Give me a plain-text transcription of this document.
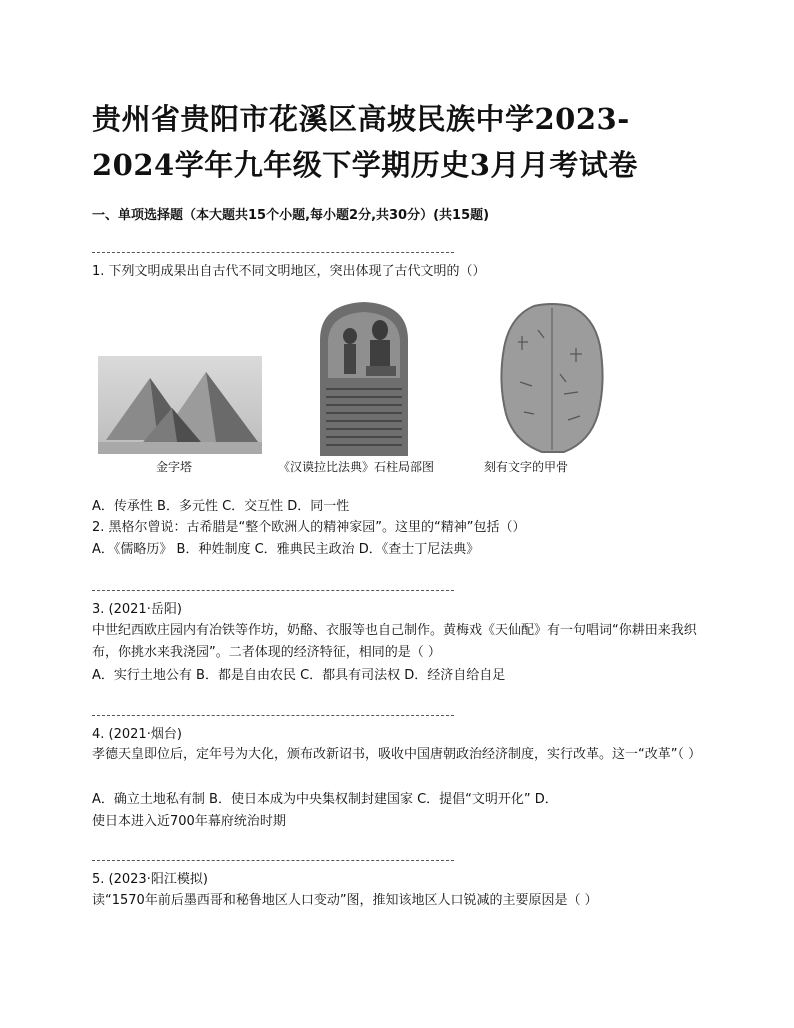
贵州省贵阳市花溪区高坡民族中学2023-2024学年九年级下学期历史3月月考试卷

一、单项选择题（本大题共15个小题,每小题2分,共30分）(共15题)

1. 下列文明成果出自古代不同文明地区，突出体现了古代文明的（）

金字塔	《汉谟拉比法典》石柱局部图	刻有文字的甲骨

A．传承性 B．多元性 C．交互性 D．同一性

2. 黑格尔曾说：古希腊是“整个欧洲人的精神家园”。这里的“精神”包括（）

A．《儒略历》 B．种姓制度 C．雅典民主政治 D．《查士丁尼法典》

3. (2021·岳阳)

中世纪西欧庄园内有冶铁等作坊，奶酪、衣服等也自己制作。黄梅戏《天仙配》有一句唱词“你耕田来我织布，你挑水来我浇园”。二者体现的经济特征，相同的是（ ）

A．实行土地公有 B．都是自由农民 C．都具有司法权 D．经济自给自足

4. (2021·烟台)

孝德天皇即位后，定年号为大化，颁布改新诏书，吸收中国唐朝政治经济制度，实行改革。这一“改革”（ ）

A．确立土地私有制 B．使日本成为中央集权制封建国家 C．提倡“文明开化” D．

使日本进入近700年幕府统治时期

5. (2023·阳江模拟)

读“1570年前后墨西哥和秘鲁地区人口变动”图，推知该地区人口锐减的主要原因是（ ）
